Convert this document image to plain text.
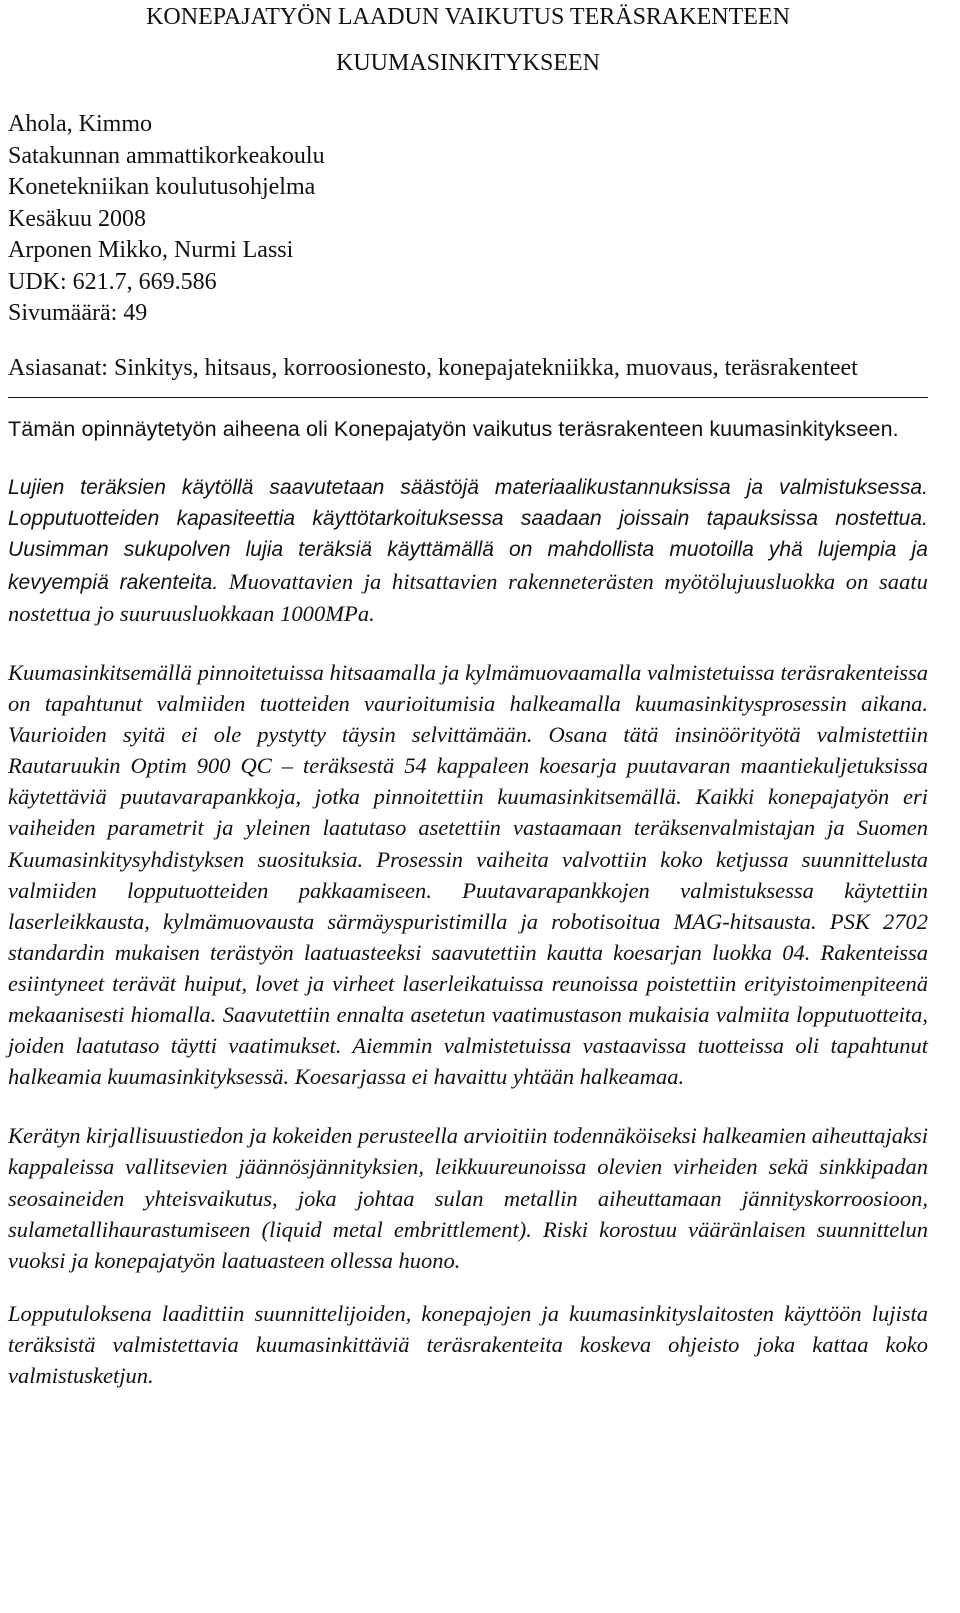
KONEPAJATYÖN LAADUN VAIKUTUS TERÄSRAKENTEEN
KUUMASINKITYKSEEN
Ahola, Kimmo
Satakunnan ammattikorkeakoulu
Konetekniikan koulutusohjelma
Kesäkuu 2008
Arponen Mikko, Nurmi Lassi
UDK: 621.7, 669.586
Sivumäärä: 49
Asiasanat: Sinkitys, hitsaus, korroosionesto, konepajatekniikka, muovaus, teräsrakenteet
Tämän opinnäytetyön aiheena oli Konepajatyön vaikutus teräsrakenteen kuumasinkitykseen.

Lujien teräksien käytöllä saavutetaan säästöjä materiaalikustannuksissa ja valmistuksessa. Lopputuotteiden kapasiteettia käyttötarkoituksessa saadaan joissain tapauksissa nostettua. Uusimman sukupolven lujia teräksiä käyttämällä on mahdollista muotoilla yhä lujempia ja kevyempiä rakenteita. Muovattavien ja hitsattavien rakenneterästen myötölujuusluokka on saatu nostettua jo suuruusluokkaan 1000MPa.

Kuumasinkitsemällä pinnoitetuissa hitsaamalla ja kylmämuovaamalla valmistetuissa teräsrakenteissa on tapahtunut valmiiden tuotteiden vaurioitumisia halkeamalla kuumasinkitysprosessin aikana. Vaurioiden syitä ei ole pystytty täysin selvittämään. Osana tätä insinöörityötä valmistettiin Rautaruukin Optim 900 QC – teräksestä 54 kappaleen koesarja puutavaran maantiekuljetuksissa käytettäviä puutavarapankkoja, jotka pinnoitettiin kuumasinkitsemällä. Kaikki konepajatyön eri vaiheiden parametrit ja yleinen laatutaso asetettiin vastaamaan teräksenvalmistajan ja Suomen Kuumasinkitysyhdistyksen suosituksia. Prosessin vaiheita valvottiin koko ketjussa suunnittelusta valmiiden lopputuotteiden pakkaamiseen. Puutavarapankkojen valmistuksessa käytettiin laserleikkausta, kylmämuovausta särmäyspuristimilla ja robotisoitua MAG-hitsausta. PSK 2702 standardin mukaisen terästyön laatuasteeksi saavutettiin kautta koesarjan luokka 04. Rakenteissa esiintyneet terävät huiput, lovet ja virheet laserleikatuissa reunoissa poistettiin erityistoimenpiteenä mekaanisesti hiomalla. Saavutettiin ennalta asetetun vaatimustason mukaisia valmiita lopputuotteita, joiden laatutaso täytti vaatimukset. Aiemmin valmistetuissa vastaavissa tuotteissa oli tapahtunut halkeamia kuumasinkityksessä. Koesarjassa ei havaittu yhtään halkeamaa.

Kerätyn kirjallisuustiedon ja kokeiden perusteella arvioitiin todennäköiseksi halkeamien aiheuttajaksi kappaleissa vallitsevien jäännösjännityksien, leikkuureunoissa olevien virheiden sekä sinkkipadan seosaineiden yhteisvaikutus, joka johtaa sulan metallin aiheuttamaan jännityskorroosioon, sulametallihaurastumiseen (liquid metal embrittlement). Riski korostuu vääränlaisen suunnittelun vuoksi ja konepajatyön laatuasteen ollessa huono.

Lopputuloksena laadittiin suunnittelijoiden, konepajojen ja kuumasinkityslaitosten käyttöön lujista teräksistä valmistettavia kuumasinkittäviä teräsrakenteita koskeva ohjeisto joka kattaa koko valmistusketjun.
